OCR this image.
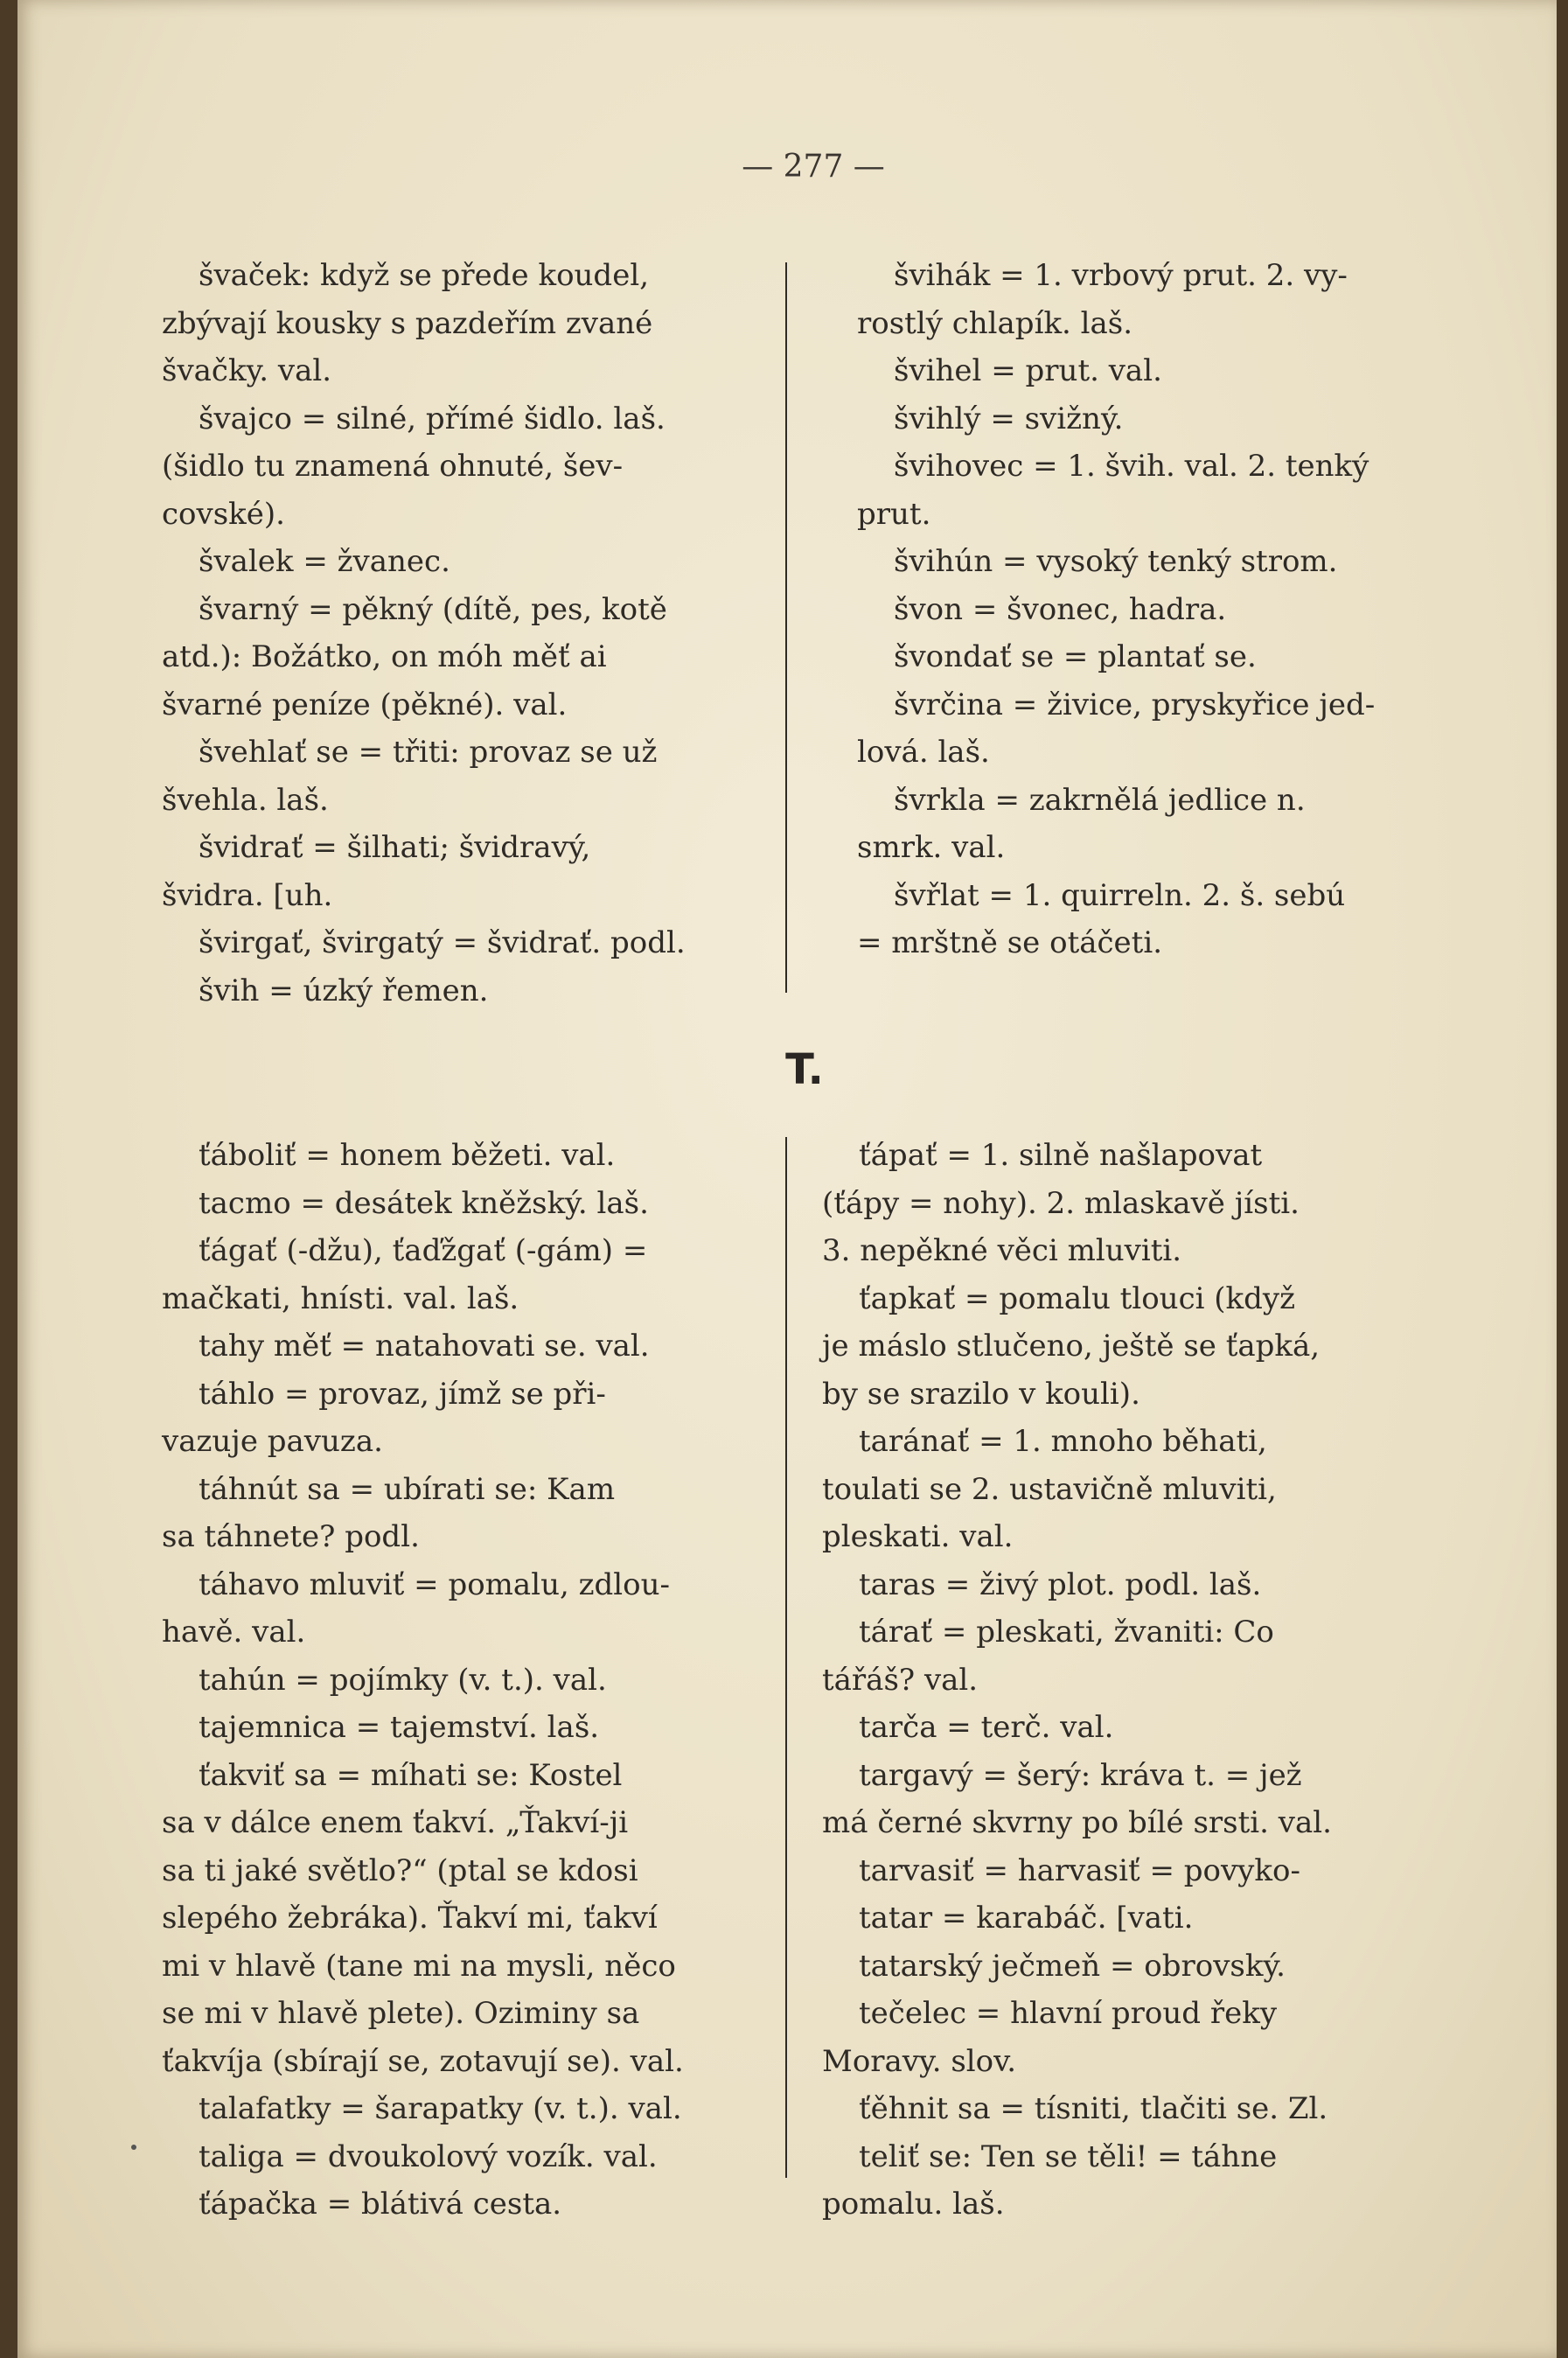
— 277 —
švaček: když se přede koudel,
zbývají kousky s pazdeřím zvané
švačky. val.
švajco = silné, přímé šidlo. laš.
(šidlo tu znamená ohnuté, šev-
covské).
švalek = žvanec.
švarný = pěkný (dítě, pes, kotě
atd.): Božátko, on móh měť ai
švarné peníze (pěkné). val.
švehlať se = třiti: provaz se už
švehla. laš.
švidrať = šilhati; švidravý,
švidra. [uh.
švirgať, švirgatý = švidrať. podl.
švih = úzký řemen.
švihák = 1. vrbový prut. 2. vy-
rostlý chlapík. laš.
švihel = prut. val.
švihlý = svižný.
švihovec = 1. švih. val. 2. tenký
prut.
švihún = vysoký tenký strom.
švon = švonec, hadra.
švondať se = plantať se.
švrčina = živice, pryskyřice jed-
lová. laš.
švrkla = zakrnělá jedlice n.
smrk. val.
švřlat = 1. quirreln. 2. š. sebú
= mrštně se otáčeti.
T.
ťáboliť = honem běžeti. val.
tacmo = desátek kněžský. laš.
ťágať (-džu), ťaďžgať (-gám) =
mačkati, hnísti. val. laš.
tahy měť = natahovati se. val.
táhlo = provaz, jímž se při-
vazuje pavuza.
táhnút sa = ubírati se: Kam
sa táhnete? podl.
táhavo mluviť = pomalu, zdlou-
havě. val.
tahún = pojímky (v. t.). val.
tajemnica = tajemství. laš.
ťakviť sa = míhati se: Kostel
sa v dálce enem ťakví. „Ťakví-ji
sa ti jaké světlo?“ (ptal se kdosi
slepého žebráka). Ťakví mi, ťakví
mi v hlavě (tane mi na mysli, něco
se mi v hlavě plete). Oziminy sa
ťakvíja (sbírají se, zotavují se). val.
talafatky = šarapatky (v. t.). val.
taliga = dvoukolový vozík. val.
ťápačka = blátivá cesta.
ťápať = 1. silně našlapovat
(ťápy = nohy). 2. mlaskavě jísti.
3. nepěkné věci mluviti.
ťapkať = pomalu tlouci (když
je máslo stlučeno, ještě se ťapká,
by se srazilo v kouli).
taránať = 1. mnoho běhati,
toulati se 2. ustavičně mluviti,
pleskati. val.
taras = živý plot. podl. laš.
tárať = pleskati, žvaniti: Co
tářáš? val.
tarča = terč. val.
targavý = šerý: kráva t. = jež
má černé skvrny po bílé srsti. val.
tarvasiť = harvasiť = povyko-
tatar = karabáč. [vati.
tatarský ječmeň = obrovský.
tečelec = hlavní proud řeky
Moravy. slov.
ťěhnit sa = tísniti, tlačiti se. Zl.
teliť se: Ten se těli! = táhne
pomalu. laš.
